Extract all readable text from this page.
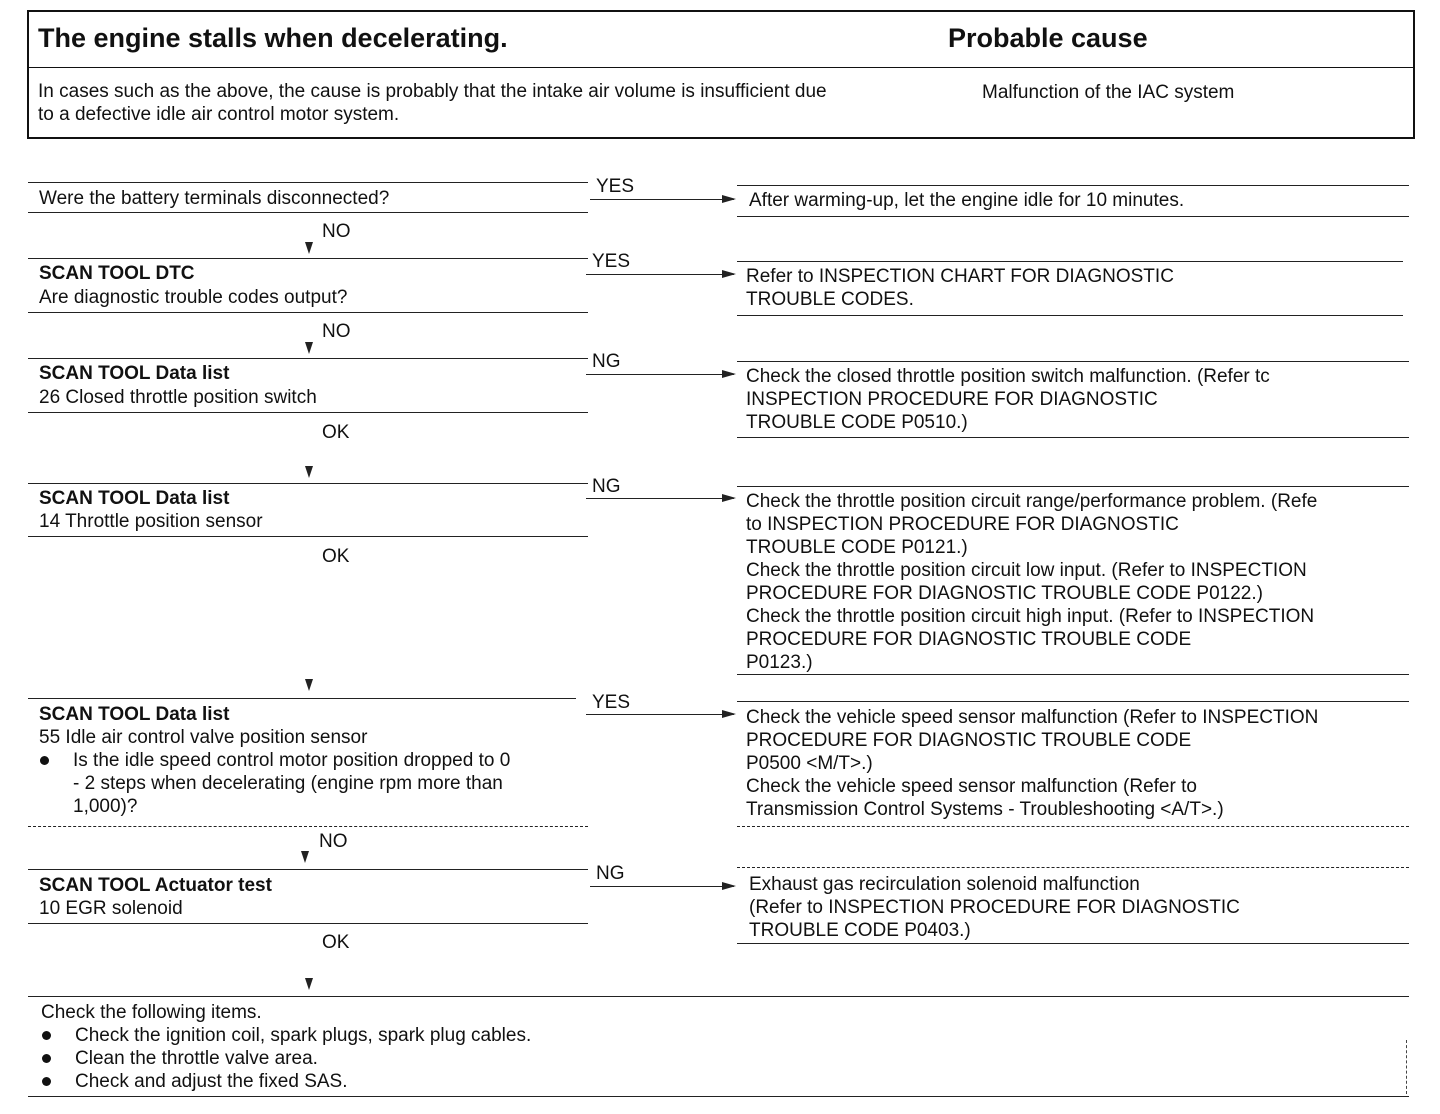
The engine stalls when decelerating.	Probable cause
In cases such as the above, the cause is probably that the intake air volume is insufficient due
to a defective idle air control motor system.
Malfunction of the IAC system
Were the battery terminals disconnected?
YES
After warming-up, let the engine idle for 10 minutes.
NO
SCAN TOOL DTC
Are diagnostic trouble codes output?
YES
Refer to INSPECTION CHART FOR DIAGNOSTIC
TROUBLE CODES.
NO
SCAN TOOL Data list
26 Closed throttle position switch
NG
Check the closed throttle position switch malfunction. (Refer tc
INSPECTION PROCEDURE FOR DIAGNOSTIC
TROUBLE CODE P0510.)
OK
SCAN TOOL Data list
14 Throttle position sensor
NG
Check the throttle position circuit range/performance problem. (Refe
to INSPECTION PROCEDURE FOR DIAGNOSTIC
TROUBLE CODE P0121.)
Check the throttle position circuit low input. (Refer to INSPECTION
PROCEDURE FOR DIAGNOSTIC TROUBLE CODE P0122.)
Check the throttle position circuit high input. (Refer to INSPECTION
PROCEDURE FOR DIAGNOSTIC TROUBLE CODE
P0123.)
OK
SCAN TOOL Data list
55 Idle air control valve position sensor
Is the idle speed control motor position dropped to 0
- 2 steps when decelerating (engine rpm more than
1,000)?
YES
Check the vehicle speed sensor malfunction (Refer to INSPECTION
PROCEDURE FOR DIAGNOSTIC TROUBLE CODE
P0500 <M/T>.)
Check the vehicle speed sensor malfunction (Refer to
Transmission Control Systems - Troubleshooting <A/T>.)
NO
SCAN TOOL Actuator test
10 EGR solenoid
NG
Exhaust gas recirculation solenoid malfunction
(Refer to INSPECTION PROCEDURE FOR DIAGNOSTIC
TROUBLE CODE P0403.)
OK
Check the following items.
Check the ignition coil, spark plugs, spark plug cables.
Clean the throttle valve area.
Check and adjust the fixed SAS.
